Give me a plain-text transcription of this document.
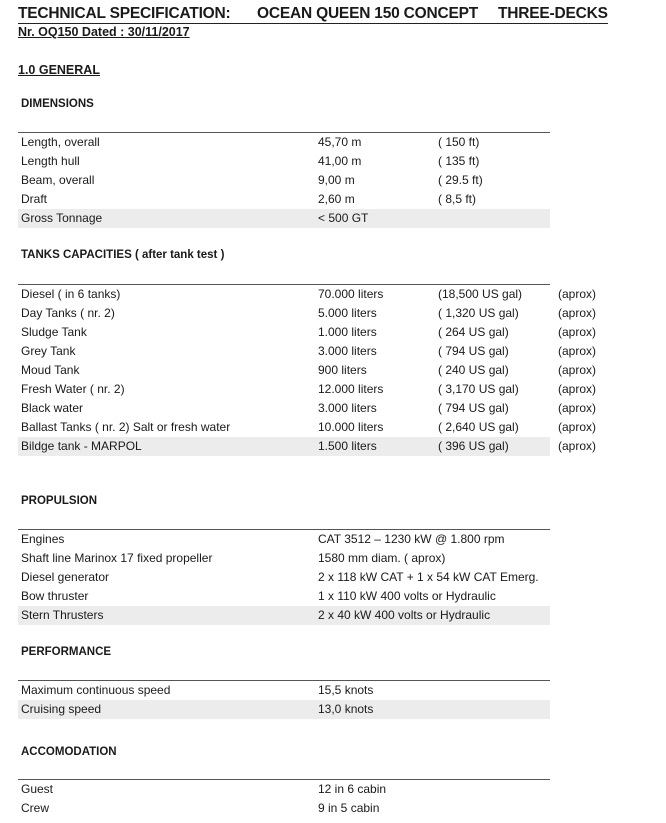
TECHNICAL SPECIFICATION: OCEAN QUEEN 150 CONCEPT THREE-DECKS
Nr. OQ150 Dated : 30/11/2017
1.0 GENERAL
DIMENSIONS
Length, overall	45,70 m	( 150 ft)
Length hull	41,00 m	( 135 ft)
Beam, overall	9,00 m	( 29.5 ft)
Draft	2,60 m	( 8,5 ft)
Gross Tonnage	< 500 GT
TANKS CAPACITIES ( after tank test )
Diesel ( in 6 tanks)	70.000 liters	(18,500 US gal)	(aprox)
Day Tanks ( nr. 2)	5.000 liters	( 1,320 US gal)	(aprox)
Sludge Tank	1.000 liters	( 264 US gal)	(aprox)
Grey Tank	3.000 liters	( 794 US gal)	(aprox)
Moud Tank	900 liters	( 240 US gal)	(aprox)
Fresh Water ( nr. 2)	12.000 liters	( 3,170 US gal)	(aprox)
Black water	3.000 liters	( 794 US gal)	(aprox)
Ballast Tanks ( nr. 2) Salt or fresh water	10.000 liters	( 2,640 US gal)	(aprox)
Bildge tank - MARPOL	1.500 liters	( 396 US gal)	(aprox)
PROPULSION
Engines	CAT 3512 – 1230 kW @ 1.800 rpm
Shaft line Marinox 17 fixed propeller	1580 mm diam. ( aprox)
Diesel generator	2 x 118 kW CAT + 1 x 54 kW CAT Emerg.
Bow thruster	1 x 110 kW 400 volts or Hydraulic
Stern Thrusters	2 x 40 kW 400 volts or Hydraulic
PERFORMANCE
Maximum continuous speed	15,5 knots
Cruising speed	13,0 knots
ACCOMODATION
Guest	12 in 6 cabin
Crew	9 in 5 cabin
